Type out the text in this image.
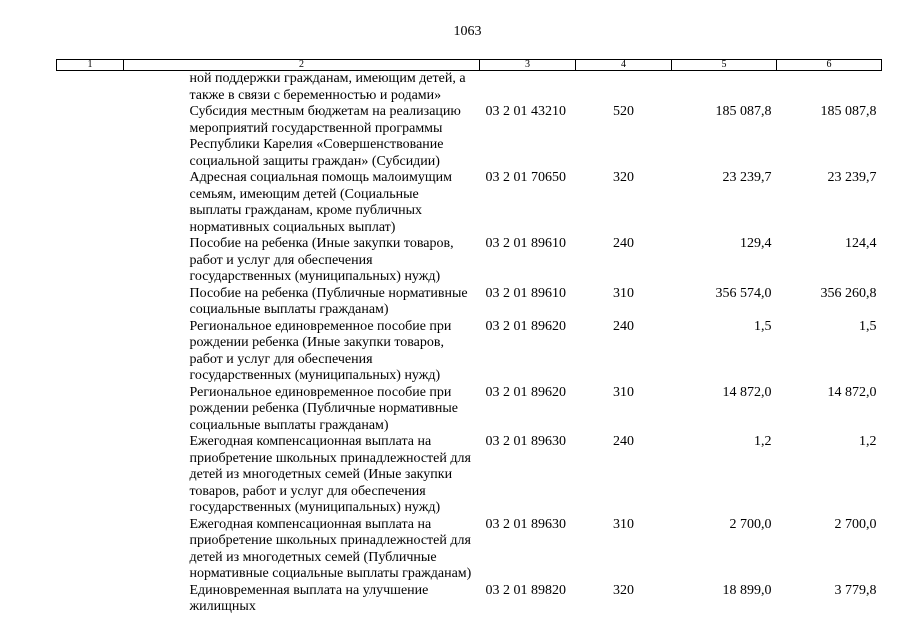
1063
1	2	3	4	5	6
	ной поддержки гражданам, имеющим детей, а также в связи с беременностью и родами»				
	Субсидия местным бюджетам на реализацию мероприятий государственной программы Республики Карелия «Совершенствование социальной защиты граждан» (Субсидии)	03 2 01 43210	520	185 087,8	185 087,8
	Адресная социальная помощь малоимущим семьям, имеющим детей (Социальные выплаты гражданам, кроме публичных нормативных социальных выплат)	03 2 01 70650	320	23 239,7	23 239,7
	Пособие на ребенка (Иные закупки товаров, работ и услуг для обеспечения государственных (муниципальных) нужд)	03 2 01 89610	240	129,4	124,4
	Пособие на ребенка (Публичные нормативные социальные выплаты гражданам)	03 2 01 89610	310	356 574,0	356 260,8
	Региональное единовременное пособие при рождении ребенка (Иные закупки товаров, работ и услуг для обеспечения государственных (муниципальных) нужд)	03 2 01 89620	240	1,5	1,5
	Региональное единовременное пособие при рождении ребенка (Публичные нормативные социальные выплаты гражданам)	03 2 01 89620	310	14 872,0	14 872,0
	Ежегодная компенсационная выплата на приобретение школьных принадлежностей для детей из многодетных семей (Иные закупки товаров, работ и услуг для обеспечения государственных (муниципальных) нужд)	03 2 01 89630	240	1,2	1,2
	Ежегодная компенсационная выплата на приобретение школьных принадлежностей для детей из многодетных семей (Публичные нормативные социальные выплаты гражданам)	03 2 01 89630	310	2 700,0	2 700,0
	Единовременная выплата на улучшение жилищных	03 2 01 89820	320	18 899,0	3 779,8
